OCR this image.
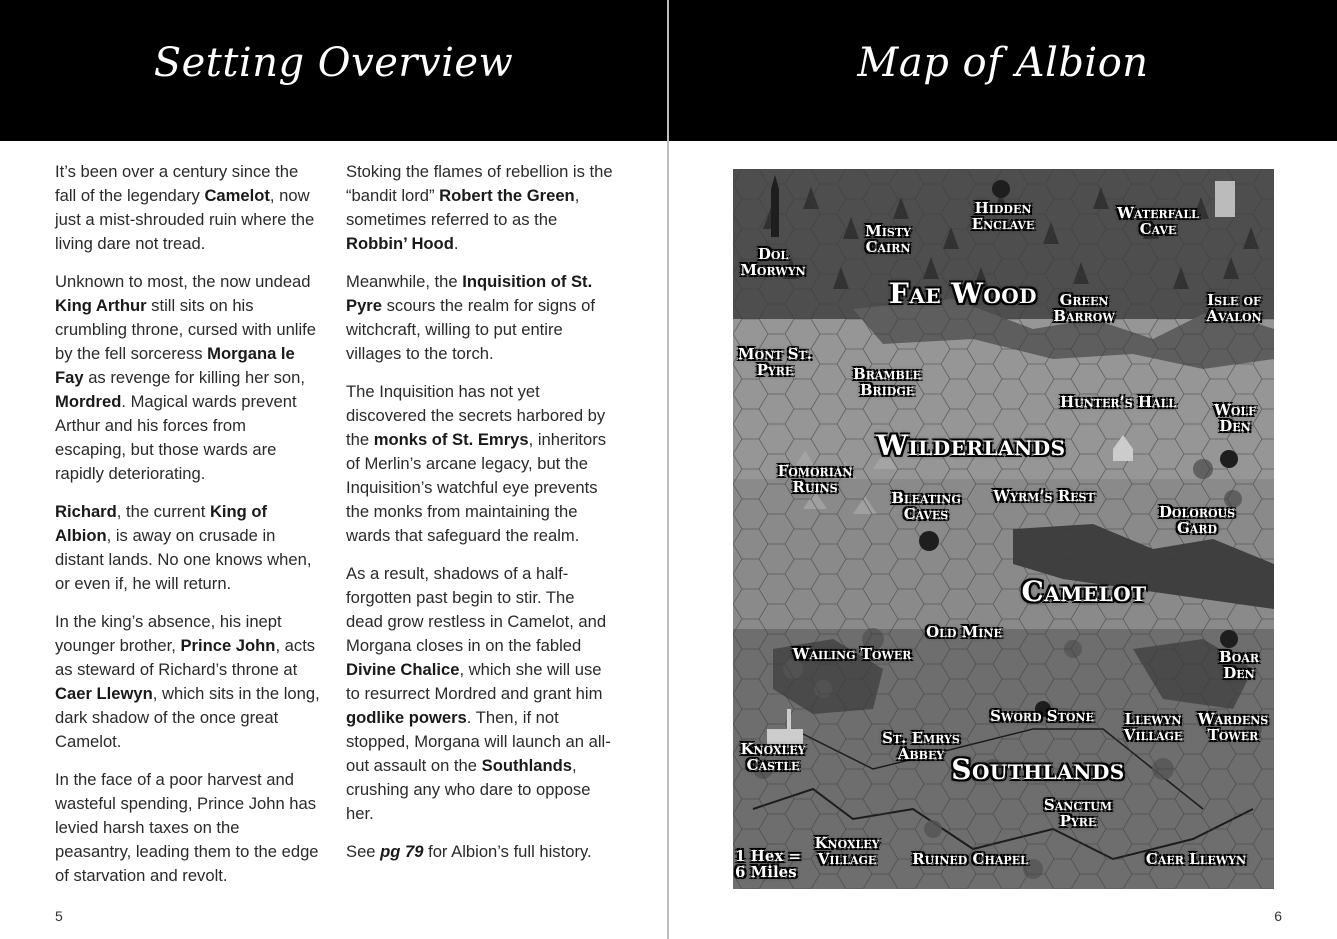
Setting Overview

It’s been over a century since the fall of the legendary Camelot, now just a mist-shrouded ruin where the living dare not tread.

Unknown to most, the now undead King Arthur still sits on his crumbling throne, cursed with unlife by the fell sorceress Morgana le Fay as revenge for killing her son, Mordred. Magical wards prevent Arthur and his forces from escaping, but those wards are rapidly deteriorating.

Richard, the current King of Albion, is away on crusade in distant lands. No one knows when, or even if, he will return.

In the king’s absence, his inept younger brother, Prince John, acts as steward of Richard’s throne at Caer Llewyn, which sits in the long, dark shadow of the once great Camelot.

In the face of a poor harvest and wasteful spending, Prince John has levied harsh taxes on the peasantry, leading them to the edge of starvation and revolt.

Stoking the flames of rebellion is the “bandit lord” Robert the Green, sometimes referred to as the Robbin’ Hood.

Meanwhile, the Inquisition of St. Pyre scours the realm for signs of witchcraft, willing to put entire villages to the torch.

The Inquisition has not yet discovered the secrets harbored by the monks of St. Emrys, inheritors of Merlin’s arcane legacy, but the Inquisition’s watchful eye prevents the monks from maintaining the wards that safeguard the realm.

As a result, shadows of a half-forgotten past begin to stir. The dead grow restless in Camelot, and Morgana closes in on the fabled Divine Chalice, which she will use to resurrect Mordred and grant him godlike powers. Then, if not stopped, Morgana will launch an all-out assault on the Southlands, crushing any who dare to oppose her.

See pg 79 for Albion’s full history.

5
Map of Albion
Dol Morwyn
Misty Cairn
Hidden Enclave
Waterfall Cave
Green Barrow
Isle of Avalon
Mont St. Pyre	Bramble Bridge
Hunter’s Hall	Wolf Den
Fomorian Ruins
Bleating Caves
Wyrm’s Rest
Dolorous Gard
Old Mine
Wailing Tower	Boar Den
Sword Stone	Llewyn Village
Wardens Tower
Knoxley Castle
St. Emrys Abbey
Sanctum Pyre
Knoxley Village	Ruined Chapel	Caer Llewyn
Fae Wood
Wilderlands
Camelot
Southlands
1 Hex =
6 Miles
6
